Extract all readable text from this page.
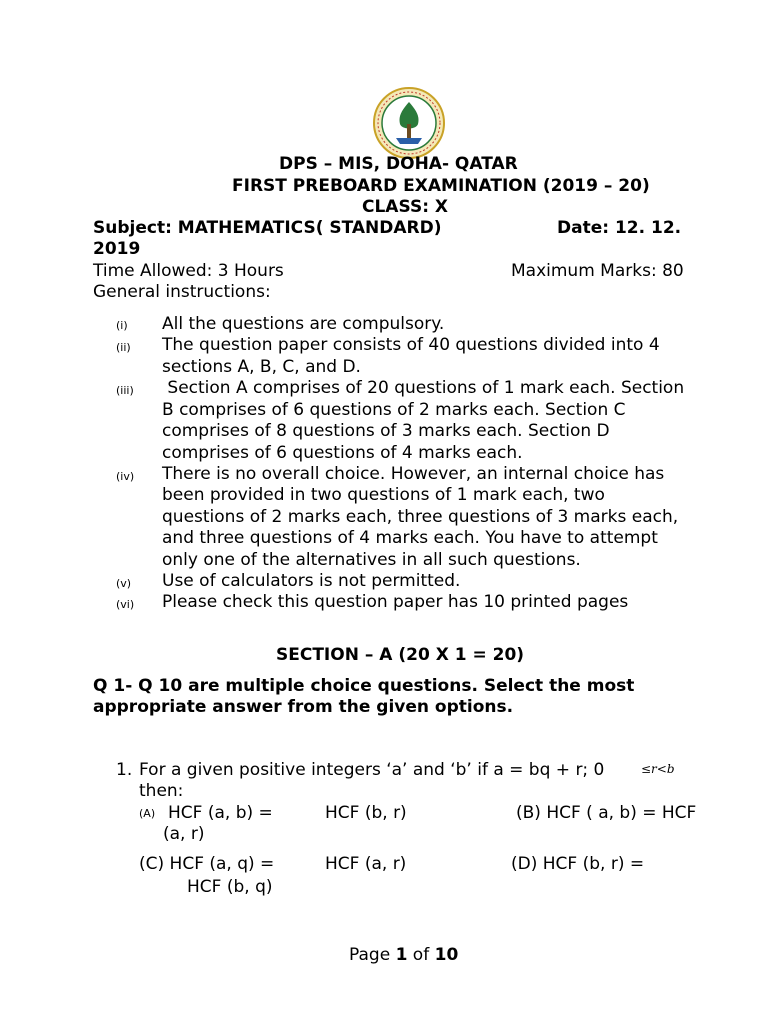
DPS – MIS, DOHA- QATAR
FIRST PREBOARD EXAMINATION (2019 – 20)
CLASS: X
Subject: MATHEMATICS( STANDARD)	Date: 12. 12.
2019
Time Allowed: 3 Hours	Maximum Marks: 80
General instructions:
(i) All the questions are compulsory.
(ii) The question paper consists of 40 questions divided into 4
sections A, B, C, and D.
(iii) Section A comprises of 20 questions of 1 mark each. Section
B comprises of 6 questions of 2 marks each. Section C
comprises of 8 questions of 3 marks each. Section D
comprises of 6 questions of 4 marks each.
(iv) There is no overall choice. However, an internal choice has
been provided in two questions of 1 mark each, two
questions of 2 marks each, three questions of 3 marks each,
and three questions of 4 marks each. You have to attempt
only one of the alternatives in all such questions.
(v) Use of calculators is not permitted.
(vi) Please check this question paper has 10 printed pages
SECTION – A (20 X 1 = 20)
Q 1- Q 10 are multiple choice questions. Select the most
appropriate answer from the given options.
1. For a given positive integers ‘a’ and ‘b’ if a = bq + r; 0	≤r<b
then:
(A) HCF (a, b) =	HCF (b, r)	(B) HCF ( a, b) = HCF
(a, r)
(C) HCF (a, q) =	HCF (a, r)	(D) HCF (b, r) =
HCF (b, q)
Page 1 of 10
